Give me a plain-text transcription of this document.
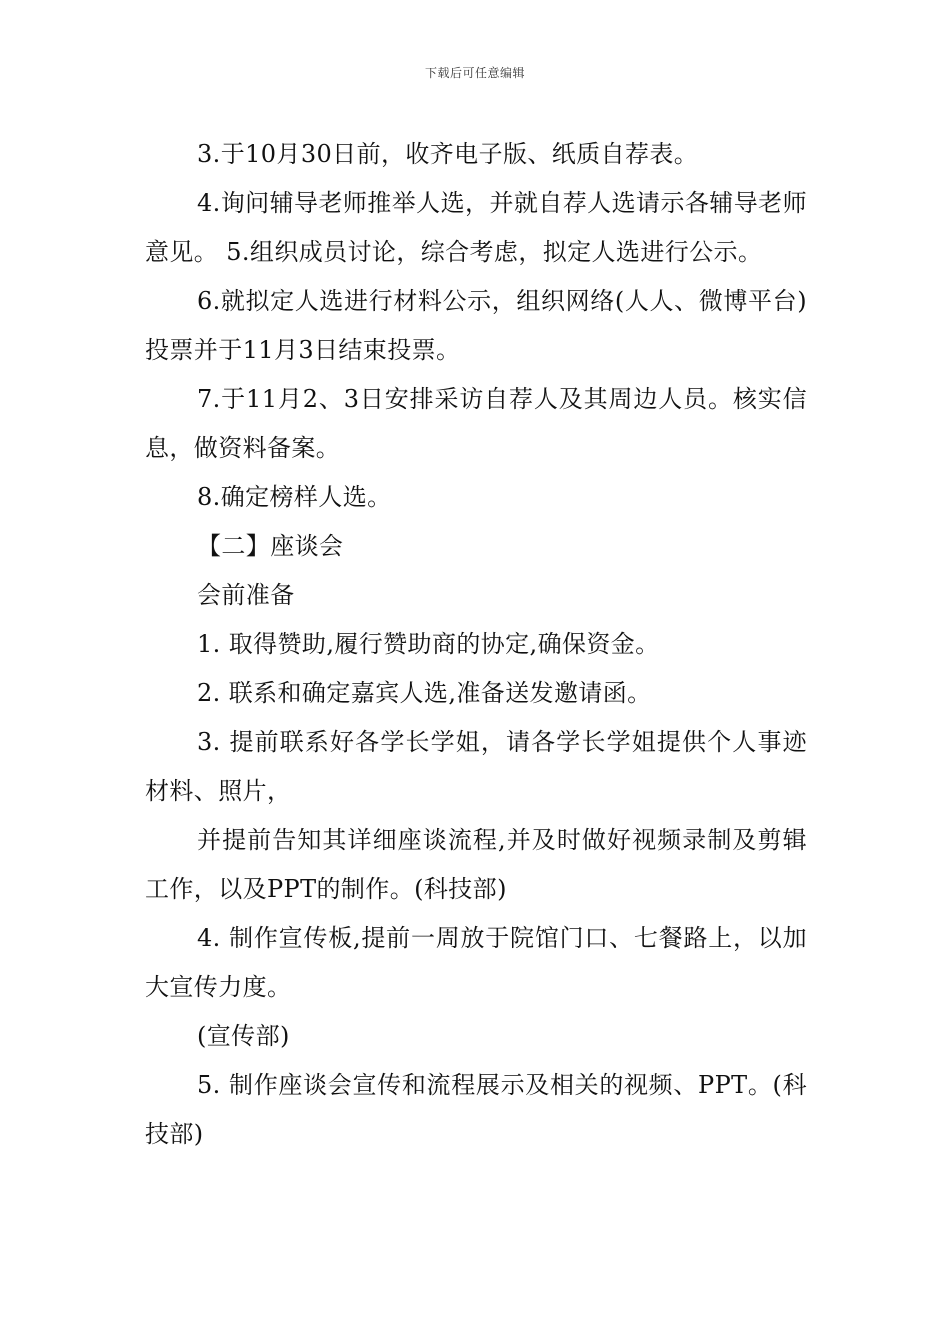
下载后可任意编辑

3.于10月30日前，收齐电子版、纸质自荐表。

4.询问辅导老师推举人选，并就自荐人选请示各辅导老师意见。 5.组织成员讨论，综合考虑，拟定人选进行公示。

6.就拟定人选进行材料公示，组织网络(人人、微博平台)投票并于11月3日结束投票。

7.于11月2、3日安排采访自荐人及其周边人员。核实信息，做资料备案。

8.确定榜样人选。

【二】座谈会

会前准备

1. 取得赞助,履行赞助商的协定,确保资金。

2. 联系和确定嘉宾人选,准备送发邀请函。

3. 提前联系好各学长学姐，请各学长学姐提供个人事迹材料、照片，

并提前告知其详细座谈流程,并及时做好视频录制及剪辑工作，以及PPT的制作。(科技部)

4. 制作宣传板,提前一周放于院馆门口、七餐路上，以加大宣传力度。

(宣传部)

5. 制作座谈会宣传和流程展示及相关的视频、PPT。(科技部)
